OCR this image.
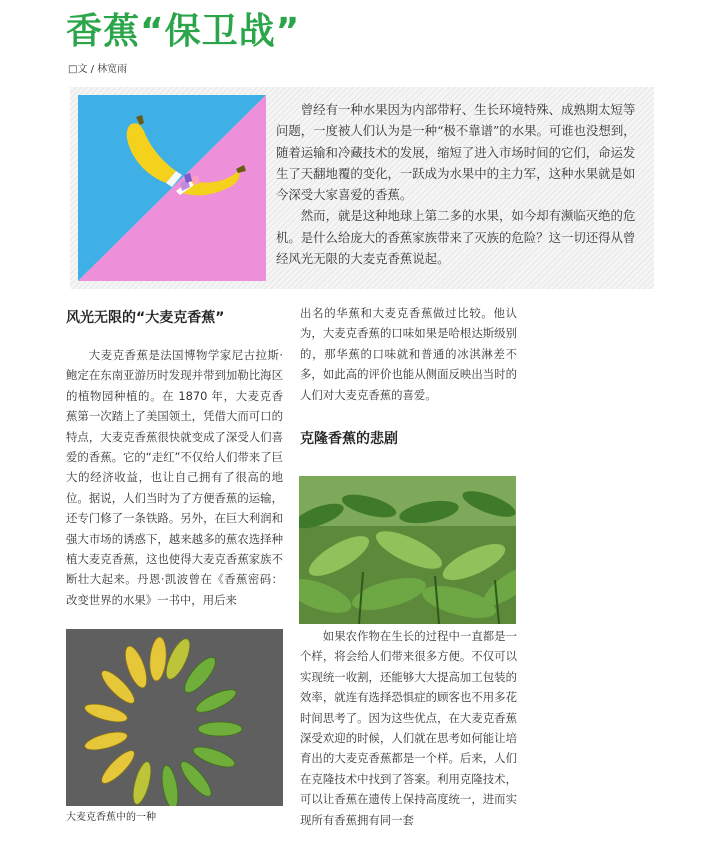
香蕉“保卫战”
□文 / 林宽雨

曾经有一种水果因为内部带籽、生长环境特殊、成熟期太短等问题，一度被人们认为是一种“极不靠谱”的水果。可谁也没想到，随着运输和冷藏技术的发展，缩短了进入市场时间的它们，命运发生了天翻地覆的变化，一跃成为水果中的主力军，这种水果就是如今深受大家喜爱的香蕉。

然而，就是这种地球上第二多的水果，如今却有濒临灭绝的危机。是什么给庞大的香蕉家族带来了灭族的危险？这一切还得从曾经风光无限的大麦克香蕉说起。

风光无限的“大麦克香蕉”

大麦克香蕉是法国博物学家尼古拉斯·鲍定在东南亚游历时发现并带到加勒比海区的植物园种植的。在 1870 年，大麦克香蕉第一次踏上了美国领土，凭借大而可口的特点，大麦克香蕉很快就变成了深受人们喜爱的香蕉。它的“走红”不仅给人们带来了巨大的经济收益，也让自己拥有了很高的地位。据说，人们当时为了方便香蕉的运输，还专门修了一条铁路。另外，在巨大利润和强大市场的诱惑下，越来越多的蕉农选择种植大麦克香蕉，这也使得大麦克香蕉家族不断壮大起来。丹恩·凯波曾在《香蕉密码：改变世界的水果》一书中，用后来

大麦克香蕉中的一种

出名的华蕉和大麦克香蕉做过比较。他认为，大麦克香蕉的口味如果是哈根达斯级别的，那华蕉的口味就和普通的冰淇淋差不多，如此高的评价也能从侧面反映出当时的人们对大麦克香蕉的喜爱。

克隆香蕉的悲剧

如果农作物在生长的过程中一直都是一个样，将会给人们带来很多方便。不仅可以实现统一收割，还能够大大提高加工包装的效率，就连有选择恐惧症的顾客也不用多花时间思考了。因为这些优点，在大麦克香蕉深受欢迎的时候，人们就在思考如何能让培育出的大麦克香蕉都是一个样。后来，人们在克隆技术中找到了答案。利用克隆技术，可以让香蕉在遗传上保持高度统一，进而实现所有香蕉拥有同一套
